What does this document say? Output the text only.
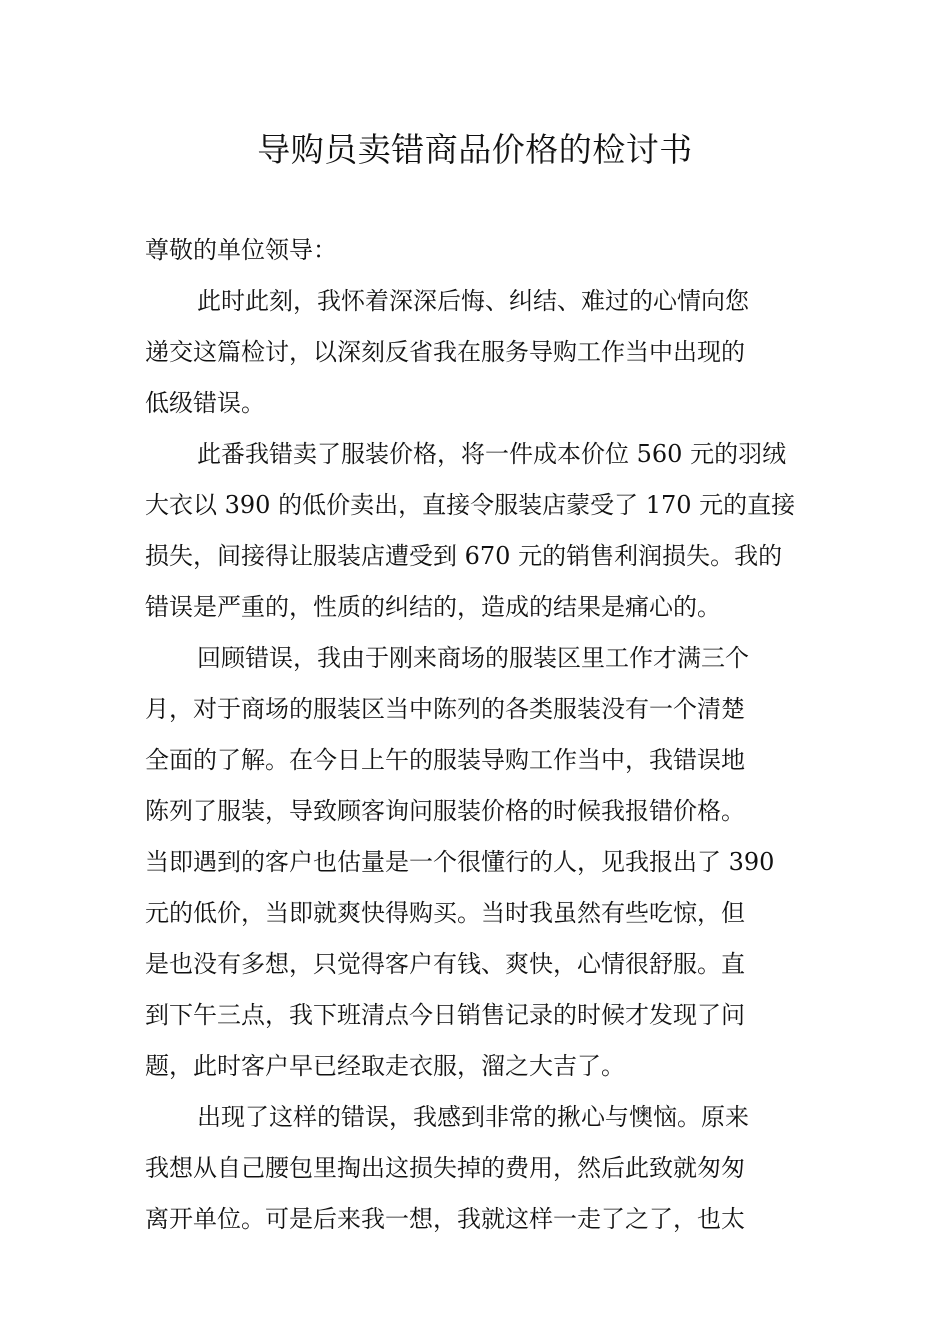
导购员卖错商品价格的检讨书
尊敬的单位领导：
此时此刻，我怀着深深后悔、纠结、难过的心情向您
递交这篇检讨，以深刻反省我在服务导购工作当中出现的
低级错误。
此番我错卖了服装价格，将一件成本价位 560 元的羽绒
大衣以 390 的低价卖出，直接令服装店蒙受了 170 元的直接
损失，间接得让服装店遭受到 670 元的销售利润损失。我的
错误是严重的，性质的纠结的，造成的结果是痛心的。
回顾错误，我由于刚来商场的服装区里工作才满三个
月，对于商场的服装区当中陈列的各类服装没有一个清楚
全面的了解。在今日上午的服装导购工作当中，我错误地
陈列了服装，导致顾客询问服装价格的时候我报错价格。
当即遇到的客户也估量是一个很懂行的人，见我报出了 390
元的低价，当即就爽快得购买。当时我虽然有些吃惊，但
是也没有多想，只觉得客户有钱、爽快，心情很舒服。直
到下午三点，我下班清点今日销售记录的时候才发现了问
题，此时客户早已经取走衣服，溜之大吉了。
出现了这样的错误，我感到非常的揪心与懊恼。原来
我想从自己腰包里掏出这损失掉的费用，然后此致就匆匆
离开单位。可是后来我一想，我就这样一走了之了，也太
